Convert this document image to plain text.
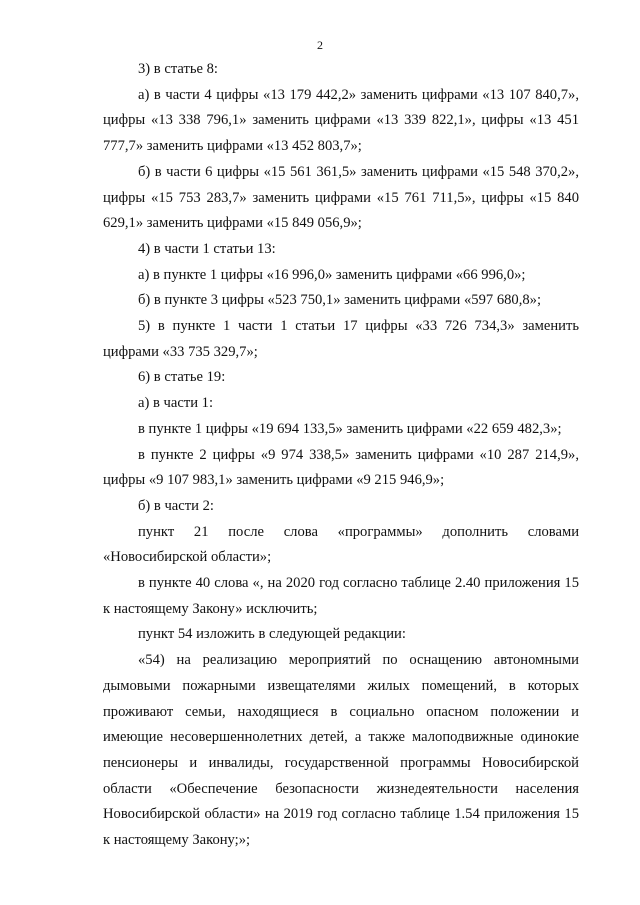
2

3) в статье 8:

а) в части 4 цифры «13 179 442,2» заменить цифрами «13 107 840,7», цифры «13 338 796,1» заменить цифрами «13 339 822,1», цифры «13 451 777,7» заменить цифрами «13 452 803,7»;

б) в части 6 цифры «15 561 361,5» заменить цифрами «15 548 370,2», цифры «15 753 283,7» заменить цифрами «15 761 711,5», цифры «15 840 629,1» заменить цифрами «15 849 056,9»;

4) в части 1 статьи 13:

а) в пункте 1 цифры «16 996,0» заменить цифрами «66 996,0»;

б) в пункте 3 цифры «523 750,1» заменить цифрами «597 680,8»;

5) в пункте 1 части 1 статьи 17 цифры «33 726 734,3» заменить цифрами «33 735 329,7»;

6) в статье 19:

а) в части 1:

в пункте 1 цифры «19 694 133,5» заменить цифрами «22 659 482,3»;

в пункте 2 цифры «9 974 338,5» заменить цифрами «10 287 214,9», цифры «9 107 983,1» заменить цифрами «9 215 946,9»;

б) в части 2:

пункт 21 после слова «программы» дополнить словами «Новосибирской области»;

в пункте 40 слова «, на 2020 год согласно таблице 2.40 приложения 15 к настоящему Закону» исключить;

пункт 54 изложить в следующей редакции:

«54) на реализацию мероприятий по оснащению автономными дымовыми пожарными извещателями жилых помещений, в которых проживают семьи, находящиеся в социально опасном положении и имеющие несовершеннолетних детей, а также малоподвижные одинокие пенсионеры и инвалиды, государственной программы Новосибирской области «Обеспечение безопасности жизнедеятельности населения Новосибирской области» на 2019 год согласно таблице 1.54 приложения 15 к настоящему Закону;»;
